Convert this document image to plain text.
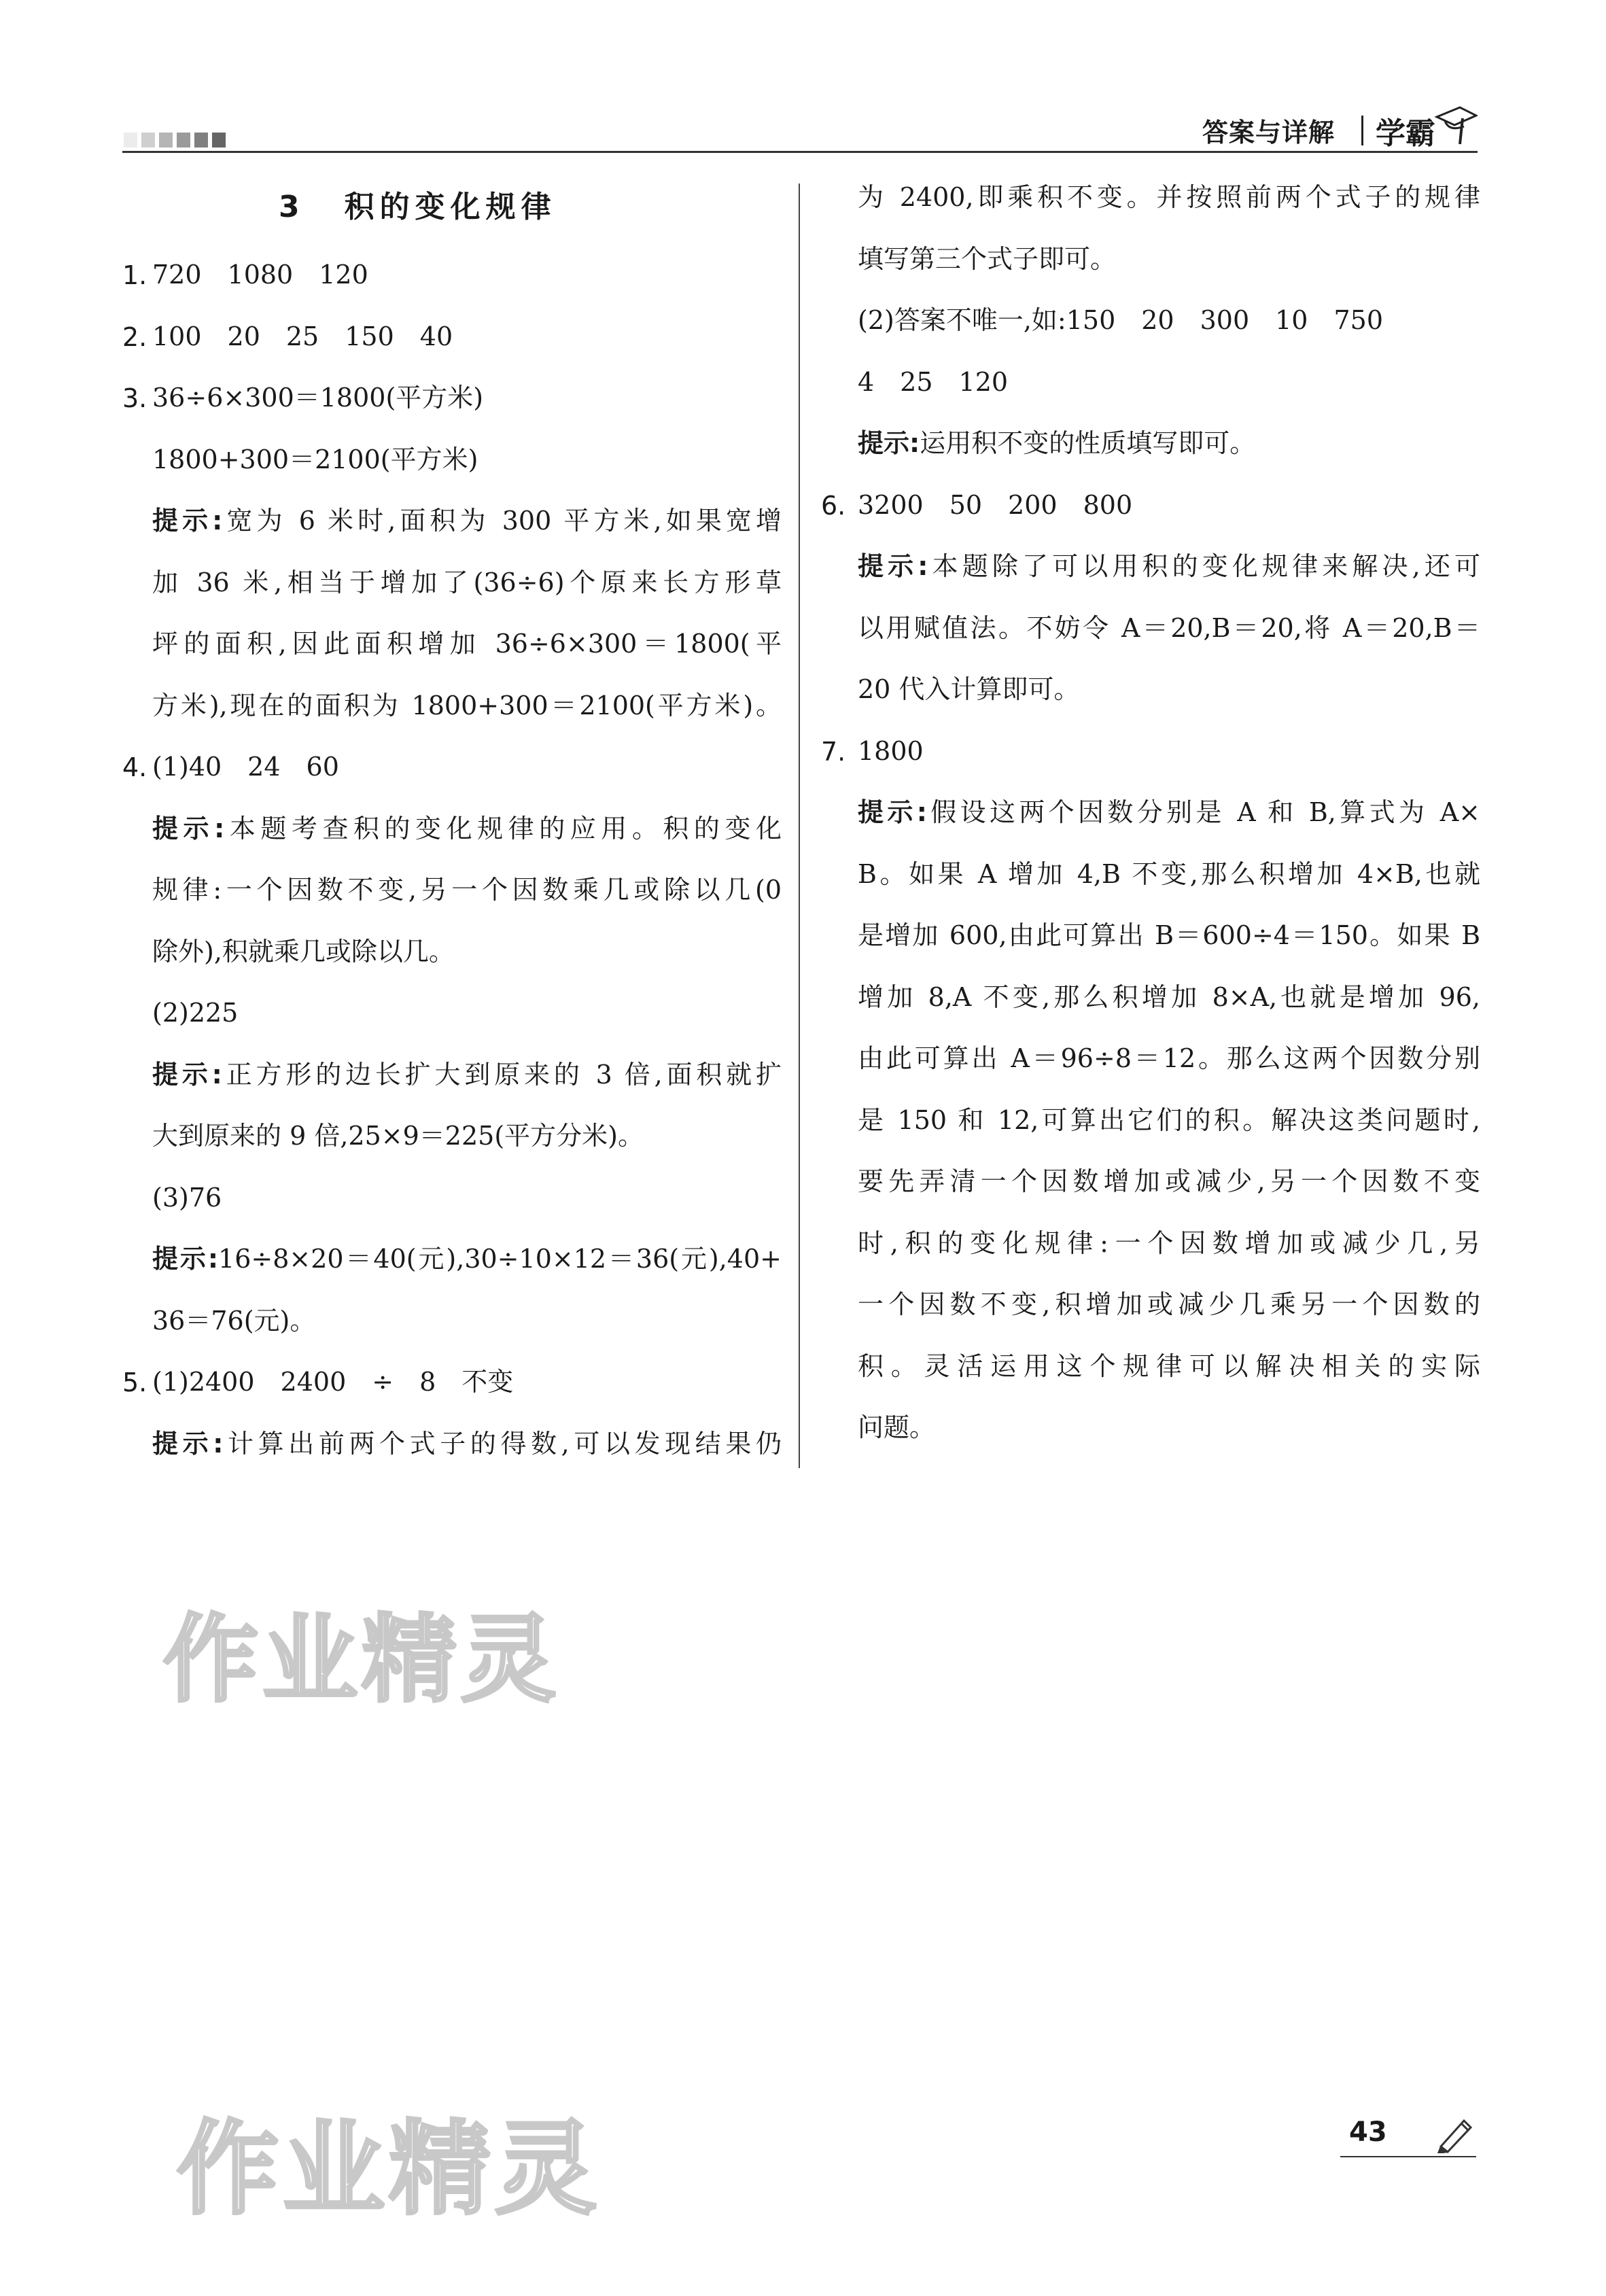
答案与详解 学霸
3 积的变化规律
1. 720　1080　120
2. 100　20　25　150　40
3. 36÷6×300＝1800(平方米)
1800+300＝2100(平方米)
提示:宽为 6 米时,面积为 300 平方米,如果宽增
加 36 米,相当于增加了(36÷6)个原来长方形草
坪的面积,因此面积增加 36÷6×300＝1800(平
方米),现在的面积为 1800+300＝2100(平方米)。
4. (1)40　24　60
提示:本题考查积的变化规律的应用。积的变化
规律:一个因数不变,另一个因数乘几或除以几(0
除外),积就乘几或除以几。
(2)225
提示:正方形的边长扩大到原来的 3 倍,面积就扩
大到原来的 9 倍,25×9＝225(平方分米)。
(3)76
提示:16÷8×20＝40(元),30÷10×12＝36(元),40+
36＝76(元)。
5. (1)2400　2400　÷　8　不变
提示:计算出前两个式子的得数,可以发现结果仍
为 2400,即乘积不变。并按照前两个式子的规律
填写第三个式子即可。
(2)答案不唯一,如:150　20　300　10　750
4　25　120
提示:运用积不变的性质填写即可。
6. 3200　50　200　800
提示:本题除了可以用积的变化规律来解决,还可
以用赋值法。不妨令 A＝20,B＝20,将 A＝20,B＝
20 代入计算即可。
7. 1800
提示:假设这两个因数分别是 A 和 B,算式为 A×
B。如果 A 增加 4,B 不变,那么积增加 4×B,也就
是增加 600,由此可算出 B＝600÷4＝150。如果 B
增加 8,A 不变,那么积增加 8×A,也就是增加 96,
由此可算出 A＝96÷8＝12。那么这两个因数分别
是 150 和 12,可算出它们的积。解决这类问题时,
要先弄清一个因数增加或减少,另一个因数不变
时,积的变化规律:一个因数增加或减少几,另
一个因数不变,积增加或减少几乘另一个因数的
积。灵活运用这个规律可以解决相关的实际
问题。
作业精灵
作业精灵	43
